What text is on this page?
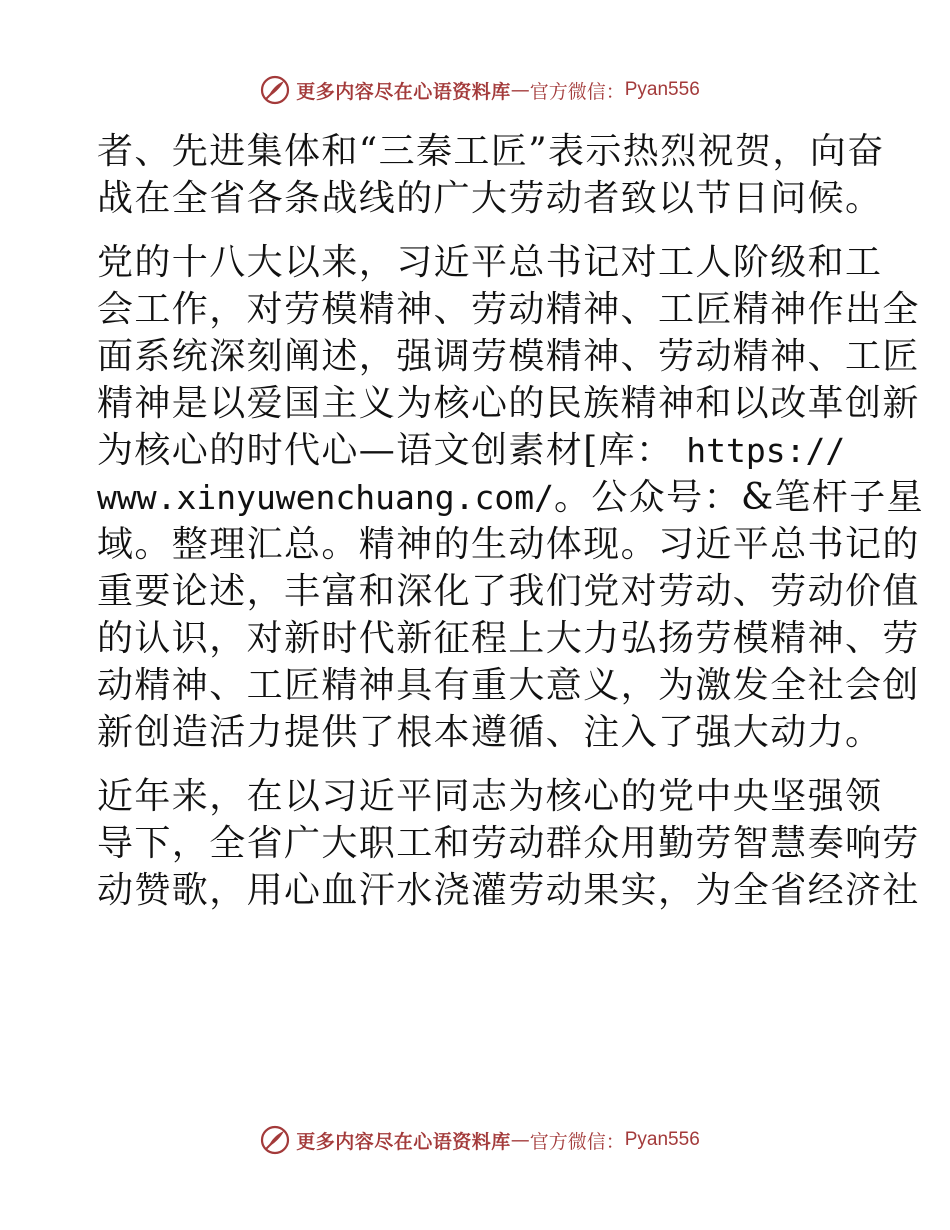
更多内容尽在心语资料库 — 官方微信： Pyan556

者、先进集体和“三秦工匠”表示热烈祝贺，向奋
战在全省各条战线的广大劳动者致以节日问候。

党的十八大以来，习近平总书记对工人阶级和工
会工作，对劳模精神、劳动精神、工匠精神作出全
面系统深刻阐述，强调劳模精神、劳动精神、工匠
精神是以爱国主义为核心的民族精神和以改革创新
为核心的时代心—语文创素材[库： https://
www.xinyuwenchuang.com/。公众号：&笔杆子星
域。整理汇总。精神的生动体现。习近平总书记的
重要论述，丰富和深化了我们党对劳动、劳动价值
的认识，对新时代新征程上大力弘扬劳模精神、劳
动精神、工匠精神具有重大意义，为激发全社会创
新创造活力提供了根本遵循、注入了强大动力。

近年来，在以习近平同志为核心的党中央坚强领
导下，全省广大职工和劳动群众用勤劳智慧奏响劳
动赞歌，用心血汗水浇灌劳动果实，为全省经济社

更多内容尽在心语资料库 — 官方微信： Pyan556
